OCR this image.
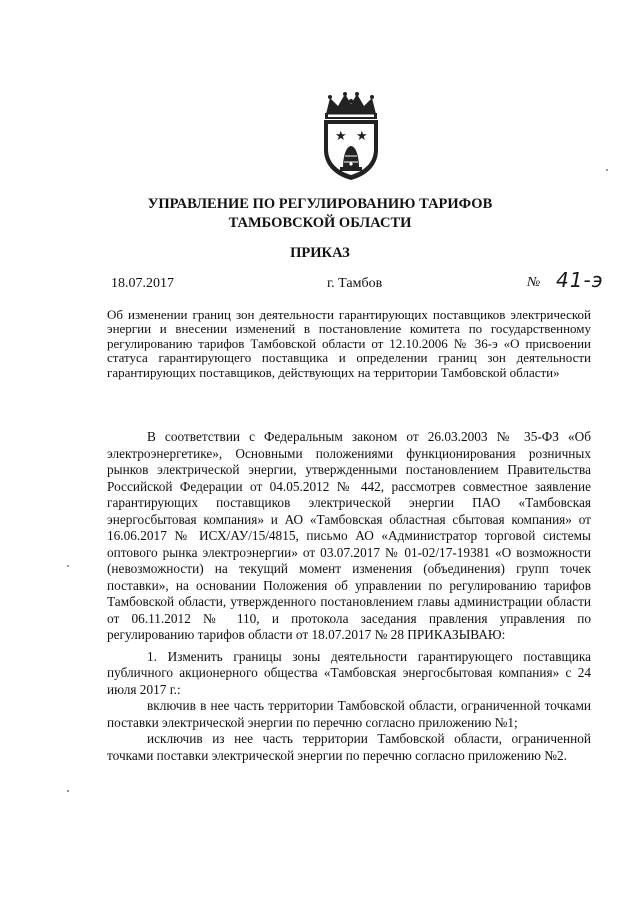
★ ★
УПРАВЛЕНИЕ ПО РЕГУЛИРОВАНИЮ ТАРИФОВ
ТАМБОВСКОЙ ОБЛАСТИ
ПРИКАЗ
18.07.2017	г. Тамбов	№ 41-э
Об изменении границ зон деятельности гарантирующих поставщиков электрической энергии и внесении изменений в постановление комитета по государственному регулированию тарифов Тамбовской области от 12.10.2006 № 36-э «О присвоении статуса гарантирующего поставщика и определении границ зон деятельности гарантирующих поставщиков, действующих на территории Тамбовской области»

В соответствии с Федеральным законом от 26.03.2003 № 35-ФЗ «Об электроэнергетике», Основными положениями функционирования розничных рынков электрической энергии, утвержденными постановлением Правительства Российской Федерации от 04.05.2012 № 442, рассмотрев совместное заявление гарантирующих поставщиков электрической энергии ПАО «Тамбовская энергосбытовая компания» и АО «Тамбовская областная сбытовая компания» от 16.06.2017 № ИСХ/АУ/15/4815, письмо АО «Администратор торговой системы оптового рынка электроэнергии» от 03.07.2017 № 01-02/17-19381 «О возможности (невозможности) на текущий момент изменения (объединения) групп точек поставки», на основании Положения об управлении по регулированию тарифов Тамбовской области, утвержденного постановлением главы администрации области от 06.11.2012 № 110, и протокола заседания правления управления по регулированию тарифов области от 18.07.2017 № 28 ПРИКАЗЫВАЮ:

1. Изменить границы зоны деятельности гарантирующего поставщика публичного акционерного общества «Тамбовская энергосбытовая компания» с 24 июля 2017 г.:

включив в нее часть территории Тамбовской области, ограниченной точками поставки электрической энергии по перечню согласно приложению №1;

исключив из нее часть территории Тамбовской области, ограниченной точками поставки электрической энергии по перечню согласно приложению №2.
